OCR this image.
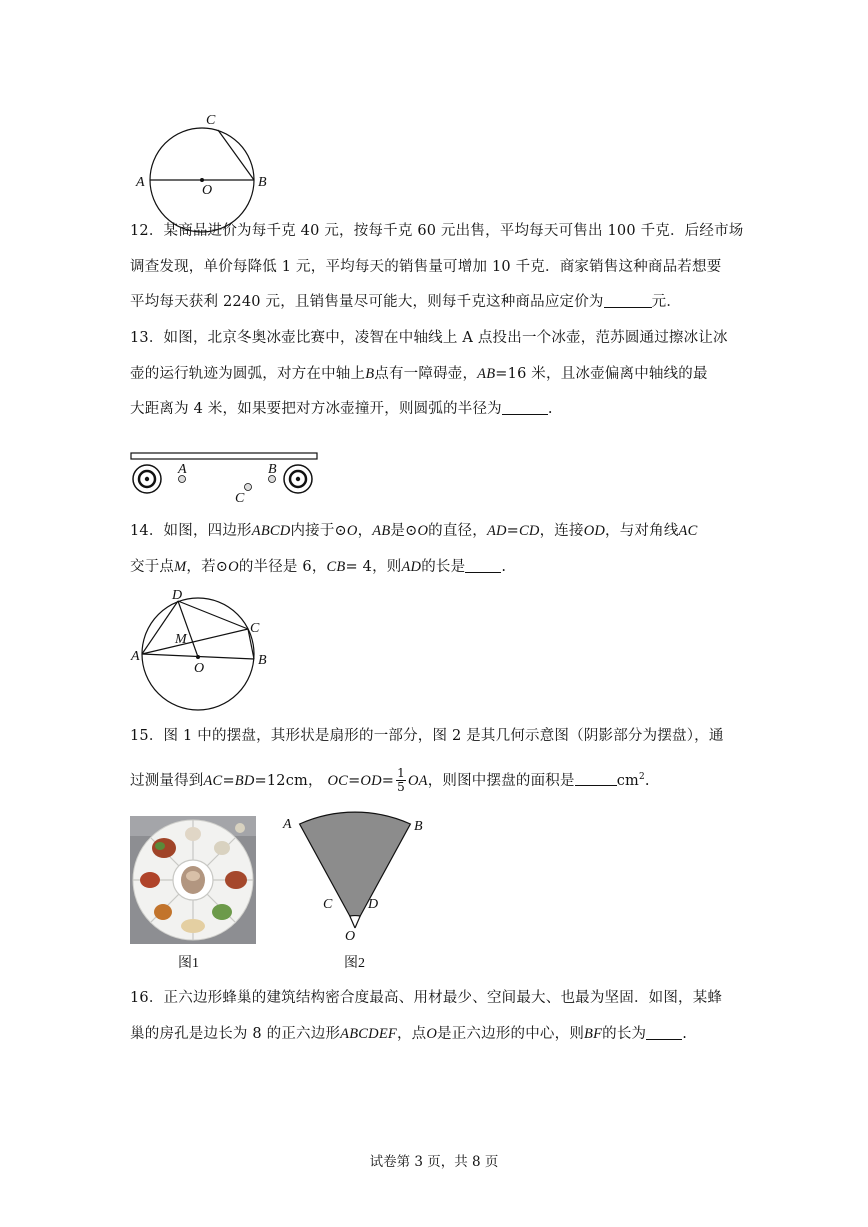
A	B
C
O

12．某商品进价为每千克 40 元，按每千克 60 元出售，平均每天可售出 100 千克．后经市场

调查发现，单价每降低 1 元，平均每天的销售量可增加 10 千克．商家销售这种商品若想要

平均每天获利 2240 元，且销售量尽可能大，则每千克这种商品应定价为	元．

13．如图，北京冬奥冰壶比赛中，凌智在中轴线上 A 点投出一个冰壶，范苏圆通过擦冰让冰

壶的运行轨迹为圆弧，对方在中轴上B点有一障碍壶，AB=16 米，且冰壶偏离中轴线的最

大距离为 4 米，如果要把对方冰壶撞开，则圆弧的半径为	.

A	B
C

14．如图，四边形ABCD内接于⊙O，AB是⊙O的直径，AD=CD，连接OD，与对角线AC

交于点M，若⊙O的半径是 6，CB= 4，则AD的长是 .

A	B
C
D
M
O

15．图 1 中的摆盘，其形状是扇形的一部分，图 2 是其几何示意图（阴影部分为摆盘），通

过测量得到AC=BD=12cm， $OC=OD= \frac{1}{5}$ OA，则图中摆盘的面积是	$cm^2$.

A	B
C	D
O
图1	图2

16．正六边形蜂巢的建筑结构密合度最高、用材最少、空间最大、也最为坚固．如图，某蜂

巢的房孔是边长为 8 的正六边形ABCDEF，点O是正六边形的中心，则BF的长为 .

试卷第 3 页，共 8 页
